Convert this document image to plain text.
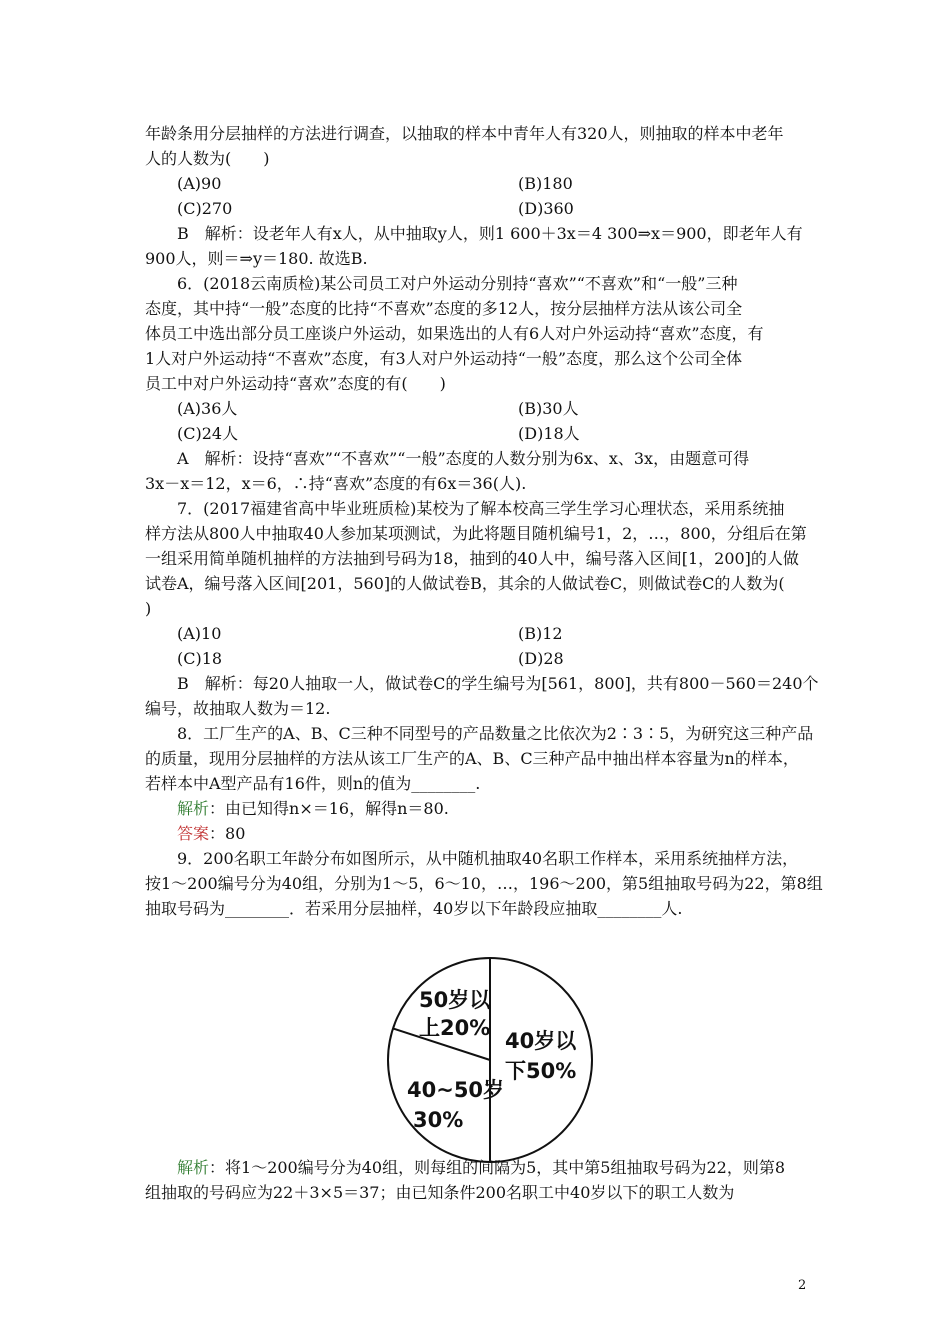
年龄条用分层抽样的方法进行调查，以抽取的样本中青年人有320人，则抽取的样本中老年
人的人数为(　　)
B　解析：设老年人有x人，从中抽取y人，则1 600＋3x＝4 300⇒x＝900，即老年人有
900人，则＝⇒y＝180. 故选B.
6．(2018云南质检)某公司员工对户外运动分别持“喜欢”“不喜欢”和“一般”三种
态度，其中持“一般”态度的比持“不喜欢”态度的多12人，按分层抽样方法从该公司全
体员工中选出部分员工座谈户外运动，如果选出的人有6人对户外运动持“喜欢”态度，有
1人对户外运动持“不喜欢”态度，有3人对户外运动持“一般”态度，那么这个公司全体
员工中对户外运动持“喜欢”态度的有(　　)
A　解析：设持“喜欢”“不喜欢”“一般”态度的人数分别为6x、x、3x，由题意可得
3x－x＝12，x＝6，∴持“喜欢”态度的有6x＝36(人).
7．(2017福建省高中毕业班质检)某校为了解本校高三学生学习心理状态，采用系统抽
样方法从800人中抽取40人参加某项测试，为此将题目随机编号1，2，…，800，分组后在第
一组采用简单随机抽样的方法抽到号码为18，抽到的40人中，编号落入区间[1，200]的人做
试卷A，编号落入区间[201，560]的人做试卷B，其余的人做试卷C，则做试卷C的人数为(
)
B　解析：每20人抽取一人，做试卷C的学生编号为[561，800]，共有800－560＝240个
编号，故抽取人数为＝12.
8．工厂生产的A、B、C三种不同型号的产品数量之比依次为2∶3∶5，为研究这三种产品
的质量，现用分层抽样的方法从该工厂生产的A、B、C三种产品中抽出样本容量为n的样本，
若样本中A型产品有16件，则n的值为________.
9．200名职工年龄分布如图所示，从中随机抽取40名职工作样本，采用系统抽样方法，
按1～200编号分为40组，分别为1～5，6～10，…，196～200，第5组抽取号码为22，第8组
抽取号码为________．若采用分层抽样，40岁以下年龄段应抽取________人.
组抽取的号码应为22＋3×5＝37；由已知条件200名职工中40岁以下的职工人数为
(A)90	(B)180
(C)270	(D)360
(A)36人	(B)30人
(C)24人	(D)18人
(A)10	(B)12
(C)18	(D)28
解析：由已知得n×＝16，解得n＝80.
答案：80
解析：将1～200编号分为40组，则每组的间隔为5，其中第5组抽取号码为22，则第8
40岁以
下50%
40~50岁
30%
50岁以
上20%
2
